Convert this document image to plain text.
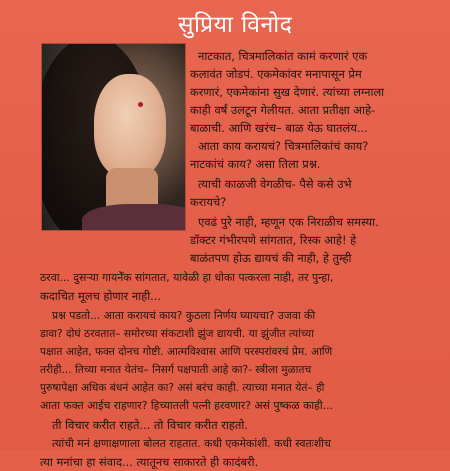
सुप्रिया विनोद
नाटकात, चित्रमालिकांत कामं करणारं एक
कलावंत जोडपं. एकमेकांवर मनापासून प्रेम
करणारं, एकमेकांना सुख देणारं. त्यांच्या लग्नाला
काही वर्षं उलटून गेलीयत. आता प्रतीक्षा आहे-
बाळाची. आणि खरंच– बाळ येऊ घातलंय...
आता काय करायचं? चित्रमालिकांचं काय?
नाटकांचं काय? असा तिला प्रश्न.
त्याची काळजी वेगळीच- पैसे कसे उभे
करायचे?
एवढं पुरे नाही, म्हणून एक निराळीच समस्या.
डॉक्टर गंभीरपणे सांगतात, रिस्क आहे! हे
बाळंतपण होऊ द्यायचं की नाही, हे तुम्ही
ठरवा... दुसऱ्या गायनेॅक सांगतात, यावेळी हा धोका पत्करला नाही, तर पुन्हा,
कदाचित मूलच होणार नाही...
प्रश्न पडतो... आता करायचं काय? कुठला निर्णय घ्यायचा? उजवा की
डावा? दोघं ठरवतात– समोरच्या संकटाशी झुंज द्यायची. या झुंजीत त्यांच्या
पक्षात आहेत, फक्त दोनच गोष्टी. आत्मविश्वास आणि परस्परांवरचं प्रेम. आणि
तरीही... तिच्या मनात येतंच– निसर्ग पक्षपाती आहे का?- स्त्रीला मुळातच
पुरुषापेक्षा अधिक बंधनं आहेत का? असं बरंच काही. त्याच्या मनात येतं– ही
आता फक्त आईच राहणार? हिच्यातली पत्नी हरवणार? असं पुष्कळ काही...
ती विचार करीत राहते... तो विचार करीत राहतो.
त्यांची मनं क्षणाक्षणाला बोलत राहतात. कधी एकमेकांशी. कधी स्वतःशीच
त्या मनांचा हा संवाद... त्यातूनच साकारते ही कादंबरी.
